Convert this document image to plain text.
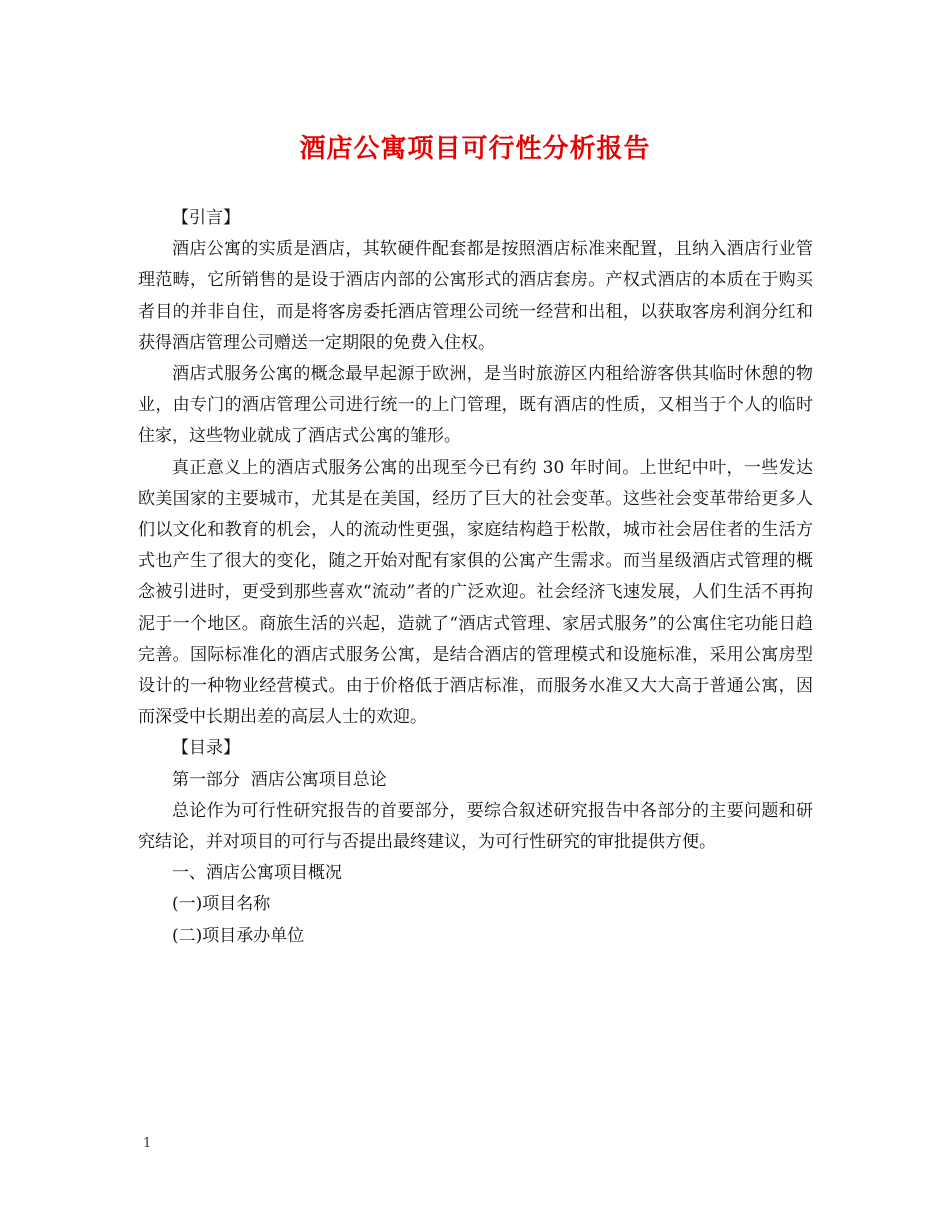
酒店公寓项目可行性分析报告

【引言】

酒店公寓的实质是酒店，其软硬件配套都是按照酒店标准来配置，且纳入酒店行业管理范畴，它所销售的是设于酒店内部的公寓形式的酒店套房。产权式酒店的本质在于购买者目的并非自住，而是将客房委托酒店管理公司统一经营和出租，以获取客房利润分红和获得酒店管理公司赠送一定期限的免费入住权。

酒店式服务公寓的概念最早起源于欧洲，是当时旅游区内租给游客供其临时休憩的物业，由专门的酒店管理公司进行统一的上门管理，既有酒店的性质，又相当于个人的临时住家，这些物业就成了酒店式公寓的雏形。

真正意义上的酒店式服务公寓的出现至今已有约 30 年时间。上世纪中叶，一些发达欧美国家的主要城市，尤其是在美国，经历了巨大的社会变革。这些社会变革带给更多人们以文化和教育的机会，人的流动性更强，家庭结构趋于松散，城市社会居住者的生活方式也产生了很大的变化，随之开始对配有家俱的公寓产生需求。而当星级酒店式管理的概念被引进时，更受到那些喜欢“流动”者的广泛欢迎。社会经济飞速发展，人们生活不再拘泥于一个地区。商旅生活的兴起，造就了“酒店式管理、家居式服务”的公寓住宅功能日趋完善。国际标准化的酒店式服务公寓，是结合酒店的管理模式和设施标准，采用公寓房型设计的一种物业经营模式。由于价格低于酒店标准，而服务水准又大大高于普通公寓，因而深受中长期出差的高层人士的欢迎。

【目录】

第一部分  酒店公寓项目总论

总论作为可行性研究报告的首要部分，要综合叙述研究报告中各部分的主要问题和研究结论，并对项目的可行与否提出最终建议，为可行性研究的审批提供方便。

一、酒店公寓项目概况

(一)项目名称

(二)项目承办单位

1
